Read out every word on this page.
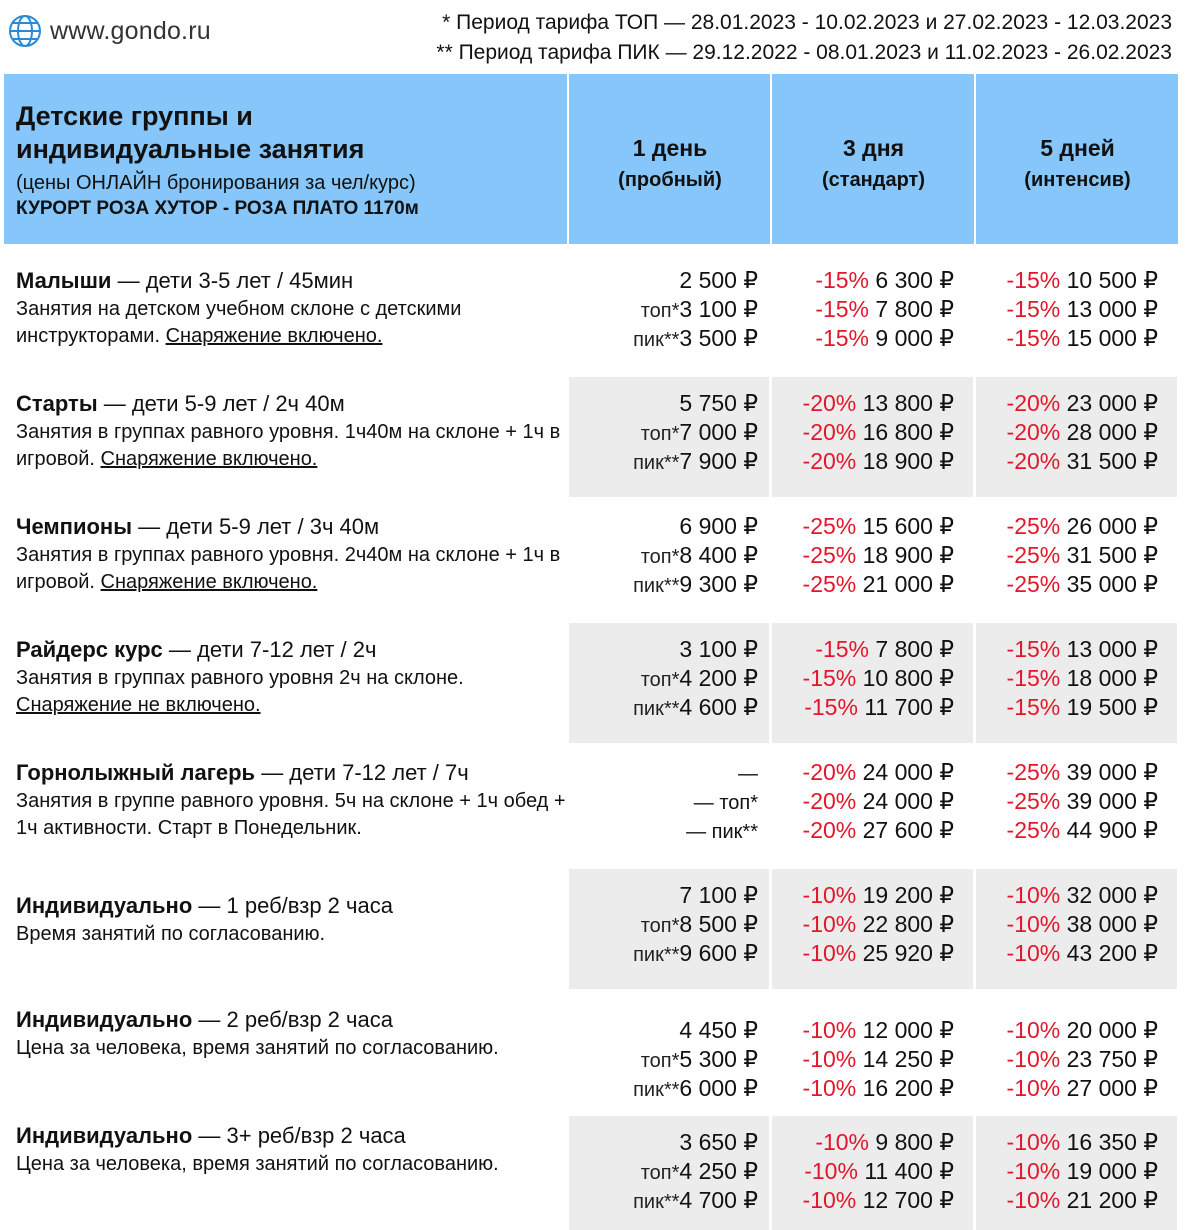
www.gondo.ru	* Период тарифа ТОП — 28.01.2023 - 10.02.2023 и 27.02.2023 - 12.03.2023
** Период тарифа ПИК — 29.12.2022 - 08.01.2023 и 11.02.2023 - 26.02.2023
Детские группы и
индивидуальные занятия
(цены ОНЛАЙН бронирования за чел/курс)
КУРОРТ РОЗА ХУТОР - РОЗА ПЛАТО 1170м
1 день
(пробный)
3 дня
(стандарт)
5 дней
(интенсив)
Малыши — дети 3-5 лет / 45мин
Занятия на детском учебном склоне с детскими инструкторами. Снаряжение включено.
2 500 ₽
топ*3 100 ₽
пик**3 500 ₽
-15% 6 300 ₽
-15% 7 800 ₽
-15% 9 000 ₽
-15% 10 500 ₽
-15% 13 000 ₽
-15% 15 000 ₽
Старты — дети 5-9 лет / 2ч 40м
Занятия в группах равного уровня. 1ч40м на склоне + 1ч в игровой. Снаряжение включено.
5 750 ₽
топ*7 000 ₽
пик**7 900 ₽
-20% 13 800 ₽
-20% 16 800 ₽
-20% 18 900 ₽
-20% 23 000 ₽
-20% 28 000 ₽
-20% 31 500 ₽
Чемпионы — дети 5-9 лет / 3ч 40м
Занятия в группах равного уровня. 2ч40м на склоне + 1ч в игровой. Снаряжение включено.
6 900 ₽
топ*8 400 ₽
пик**9 300 ₽
-25% 15 600 ₽
-25% 18 900 ₽
-25% 21 000 ₽
-25% 26 000 ₽
-25% 31 500 ₽
-25% 35 000 ₽
Райдерс курс — дети 7-12 лет / 2ч
Занятия в группах равного уровня 2ч на склоне. Снаряжение не включено.
3 100 ₽
топ*4 200 ₽
пик**4 600 ₽
-15% 7 800 ₽
-15% 10 800 ₽
-15% 11 700 ₽
-15% 13 000 ₽
-15% 18 000 ₽
-15% 19 500 ₽
Горнолыжный лагерь — дети 7-12 лет / 7ч
Занятия в группе равного уровня. 5ч на склоне + 1ч обед + 1ч активности. Старт в Понедельник.
—
— топ*
— пик**
-20% 24 000 ₽
-20% 24 000 ₽
-20% 27 600 ₽
-25% 39 000 ₽
-25% 39 000 ₽
-25% 44 900 ₽
Индивидуально — 1 реб/взр 2 часа
Время занятий по согласованию.
7 100 ₽
топ*8 500 ₽
пик**9 600 ₽
-10% 19 200 ₽
-10% 22 800 ₽
-10% 25 920 ₽
-10% 32 000 ₽
-10% 38 000 ₽
-10% 43 200 ₽
Индивидуально — 2 реб/взр 2 часа
Цена за человека, время занятий по согласованию.
4 450 ₽
топ*5 300 ₽
пик**6 000 ₽
-10% 12 000 ₽
-10% 14 250 ₽
-10% 16 200 ₽
-10% 20 000 ₽
-10% 23 750 ₽
-10% 27 000 ₽
Индивидуально — 3+ реб/взр 2 часа
Цена за человека, время занятий по согласованию.
3 650 ₽
топ*4 250 ₽
пик**4 700 ₽
-10% 9 800 ₽
-10% 11 400 ₽
-10% 12 700 ₽
-10% 16 350 ₽
-10% 19 000 ₽
-10% 21 200 ₽
